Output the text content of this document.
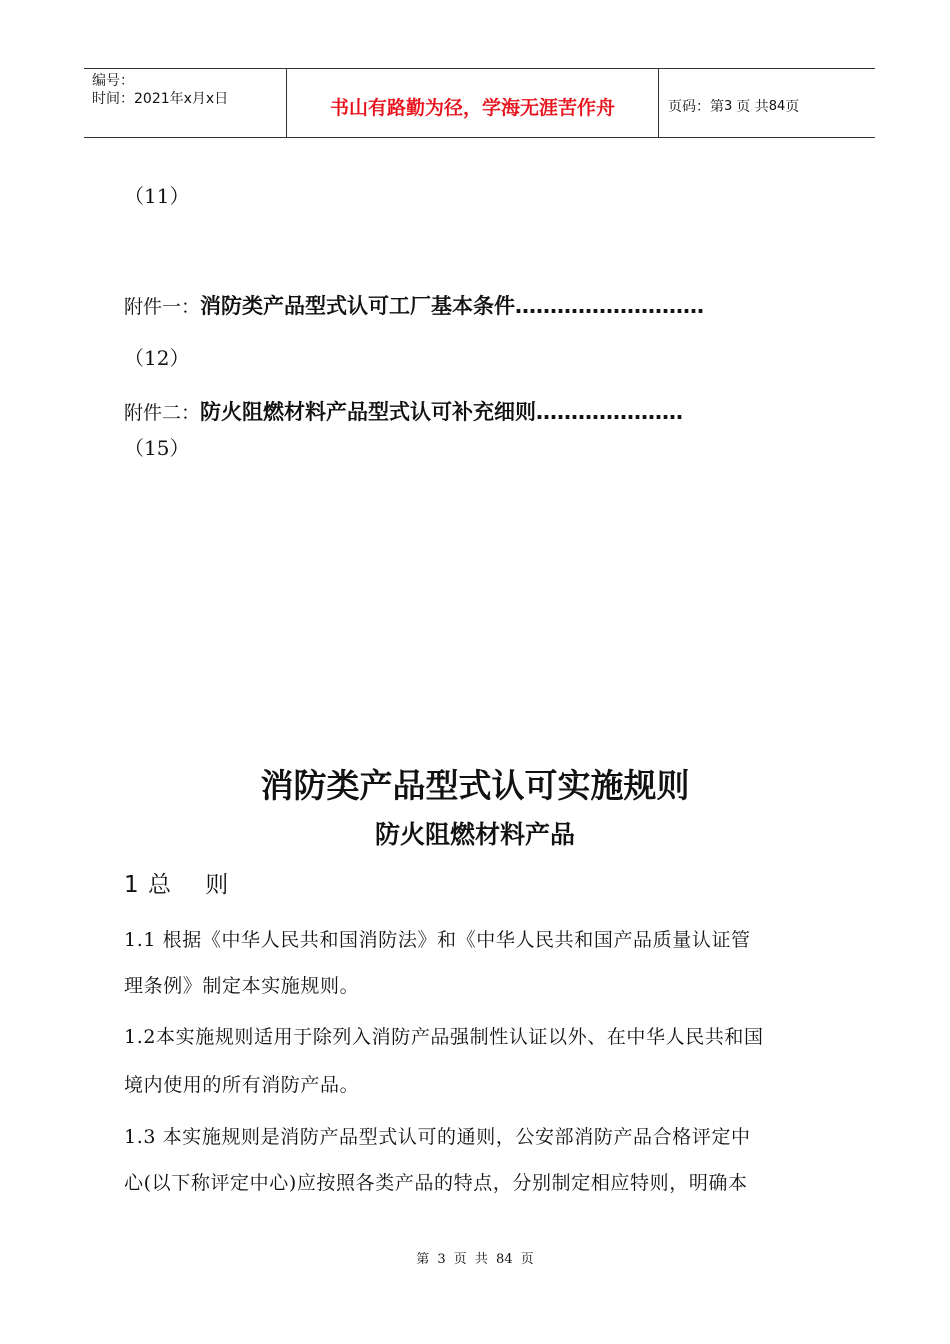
编号：
时间：2021年x月x日	书山有路勤为径，学海无涯苦作舟	页码：第 3 页 共 84 页
（11）
附件一：消防类产品型式认可工厂基本条件………………………
（12）
附件二：防火阻燃材料产品型式认可补充细则…………………
（15）
消防类产品型式认可实施规则
防火阻燃材料产品
1 总    则
1.1 根据《中华人民共和国消防法》和《中华人民共和国产品质量认证管
理条例》制定本实施规则。
1.2本实施规则适用于除列入消防产品强制性认证以外、在中华人民共和国
境内使用的所有消防产品。
1.3 本实施规则是消防产品型式认可的通则，公安部消防产品合格评定中
心(以下称评定中心)应按照各类产品的特点，分别制定相应特则，明确本
第 3 页 共 84 页
